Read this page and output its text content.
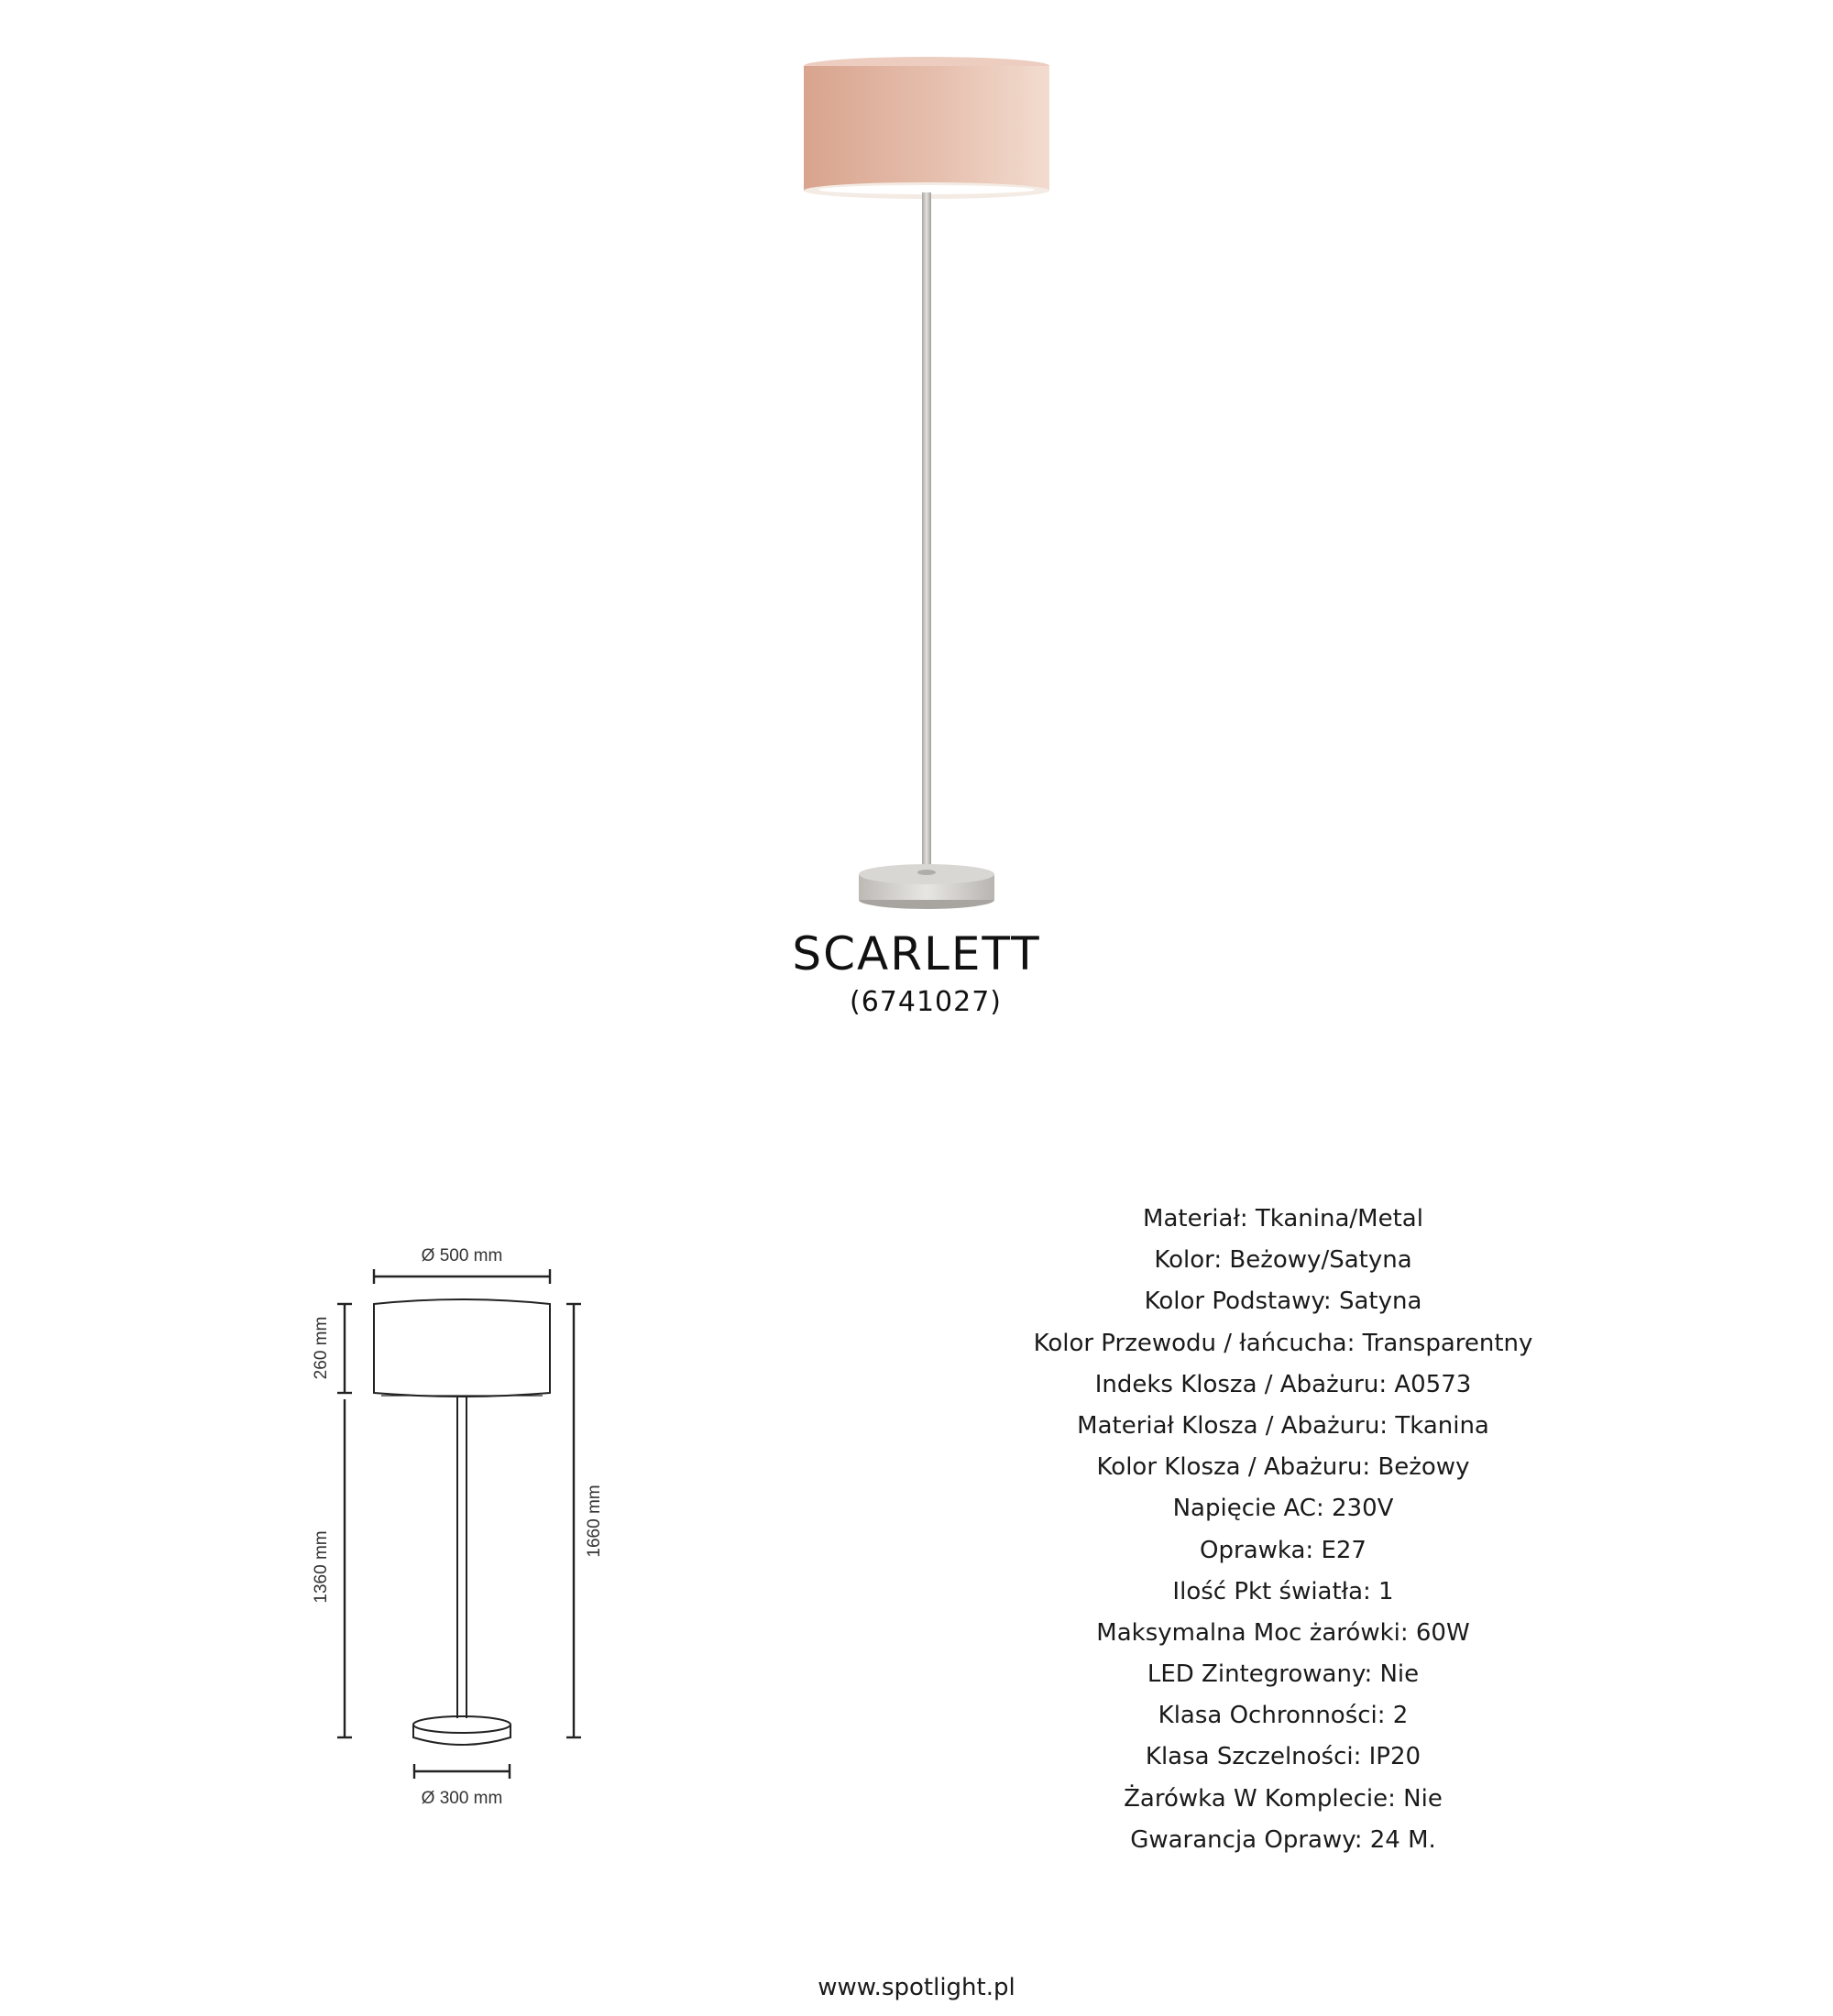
SCARLETT
(6741027)
Ø 500 mm
260 mm
1360 mm
1660 mm
Ø 300 mm
Materiał: Tkanina/Metal
Kolor: Beżowy/Satyna
Kolor Podstawy: Satyna
Kolor Przewodu / łańcucha: Transparentny
Indeks Klosza / Abażuru: A0573
Materiał Klosza / Abażuru: Tkanina
Kolor Klosza / Abażuru: Beżowy
Napięcie AC: 230V
Oprawka: E27
Ilość Pkt światła: 1
Maksymalna Moc żarówki: 60W
LED Zintegrowany: Nie
Klasa Ochronności: 2
Klasa Szczelności: IP20
Żarówka W Komplecie: Nie
Gwarancja Oprawy: 24 M.
www.spotlight.pl
